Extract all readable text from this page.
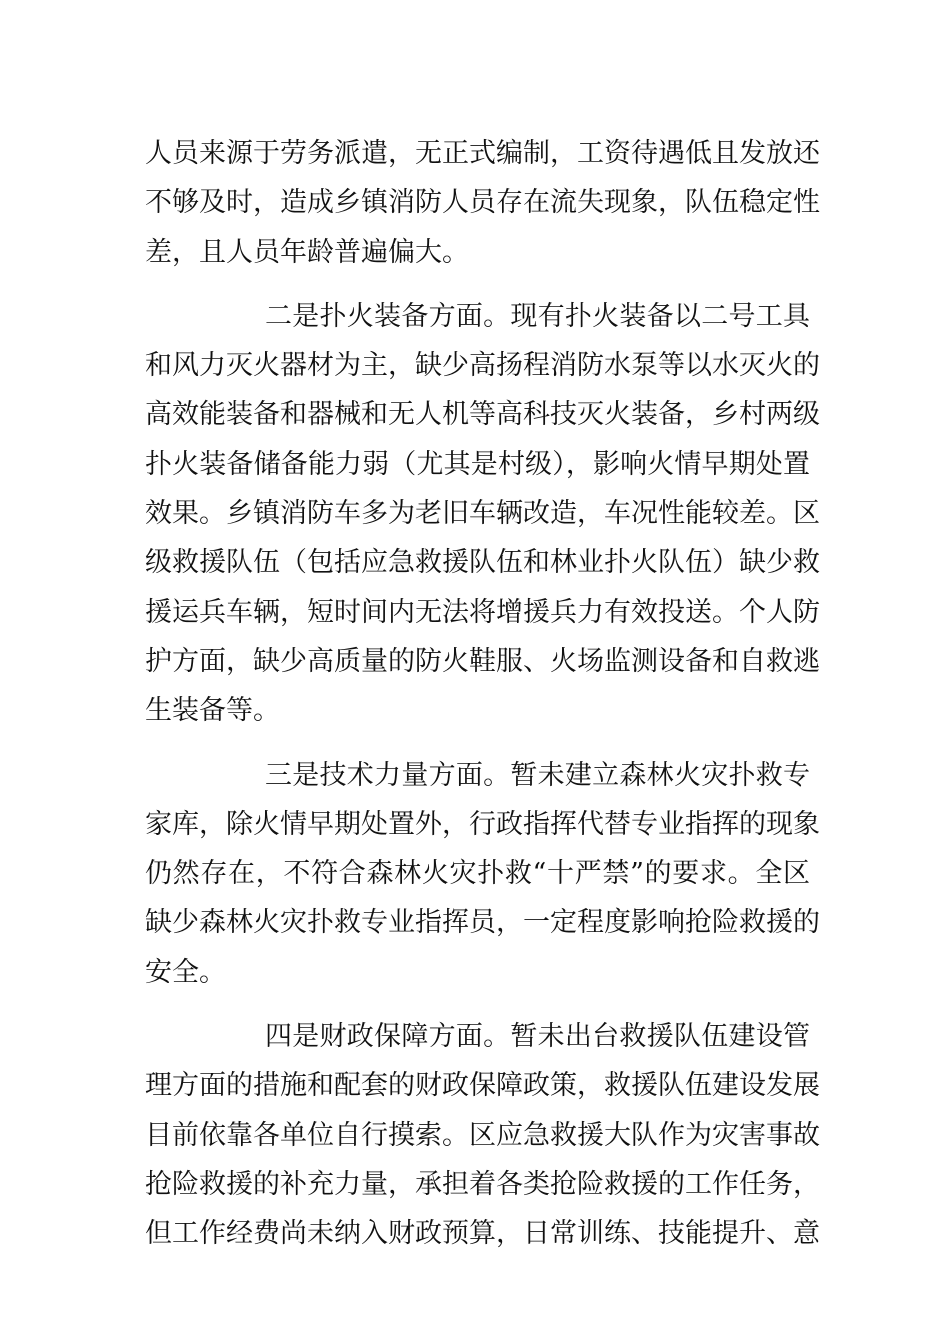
人员来源于劳务派遣，无正式编制，工资待遇低且发放还
不够及时，造成乡镇消防人员存在流失现象，队伍稳定性
差，且人员年龄普遍偏大。
二是扑火装备方面。现有扑火装备以二号工具
和风力灭火器材为主，缺少高扬程消防水泵等以水灭火的
高效能装备和器械和无人机等高科技灭火装备，乡村两级
扑火装备储备能力弱（尤其是村级），影响火情早期处置
效果。乡镇消防车多为老旧车辆改造，车况性能较差。区
级救援队伍（包括应急救援队伍和林业扑火队伍）缺少救
援运兵车辆，短时间内无法将增援兵力有效投送。个人防
护方面，缺少高质量的防火鞋服、火场监测设备和自救逃
生装备等。
三是技术力量方面。暂未建立森林火灾扑救专
家库，除火情早期处置外，行政指挥代替专业指挥的现象
仍然存在，不符合森林火灾扑救“十严禁”的要求。全区
缺少森林火灾扑救专业指挥员，一定程度影响抢险救援的
安全。
四是财政保障方面。暂未出台救援队伍建设管
理方面的措施和配套的财政保障政策，救援队伍建设发展
目前依靠各单位自行摸索。区应急救援大队作为灾害事故
抢险救援的补充力量，承担着各类抢险救援的工作任务，
但工作经费尚未纳入财政预算，日常训练、技能提升、意
